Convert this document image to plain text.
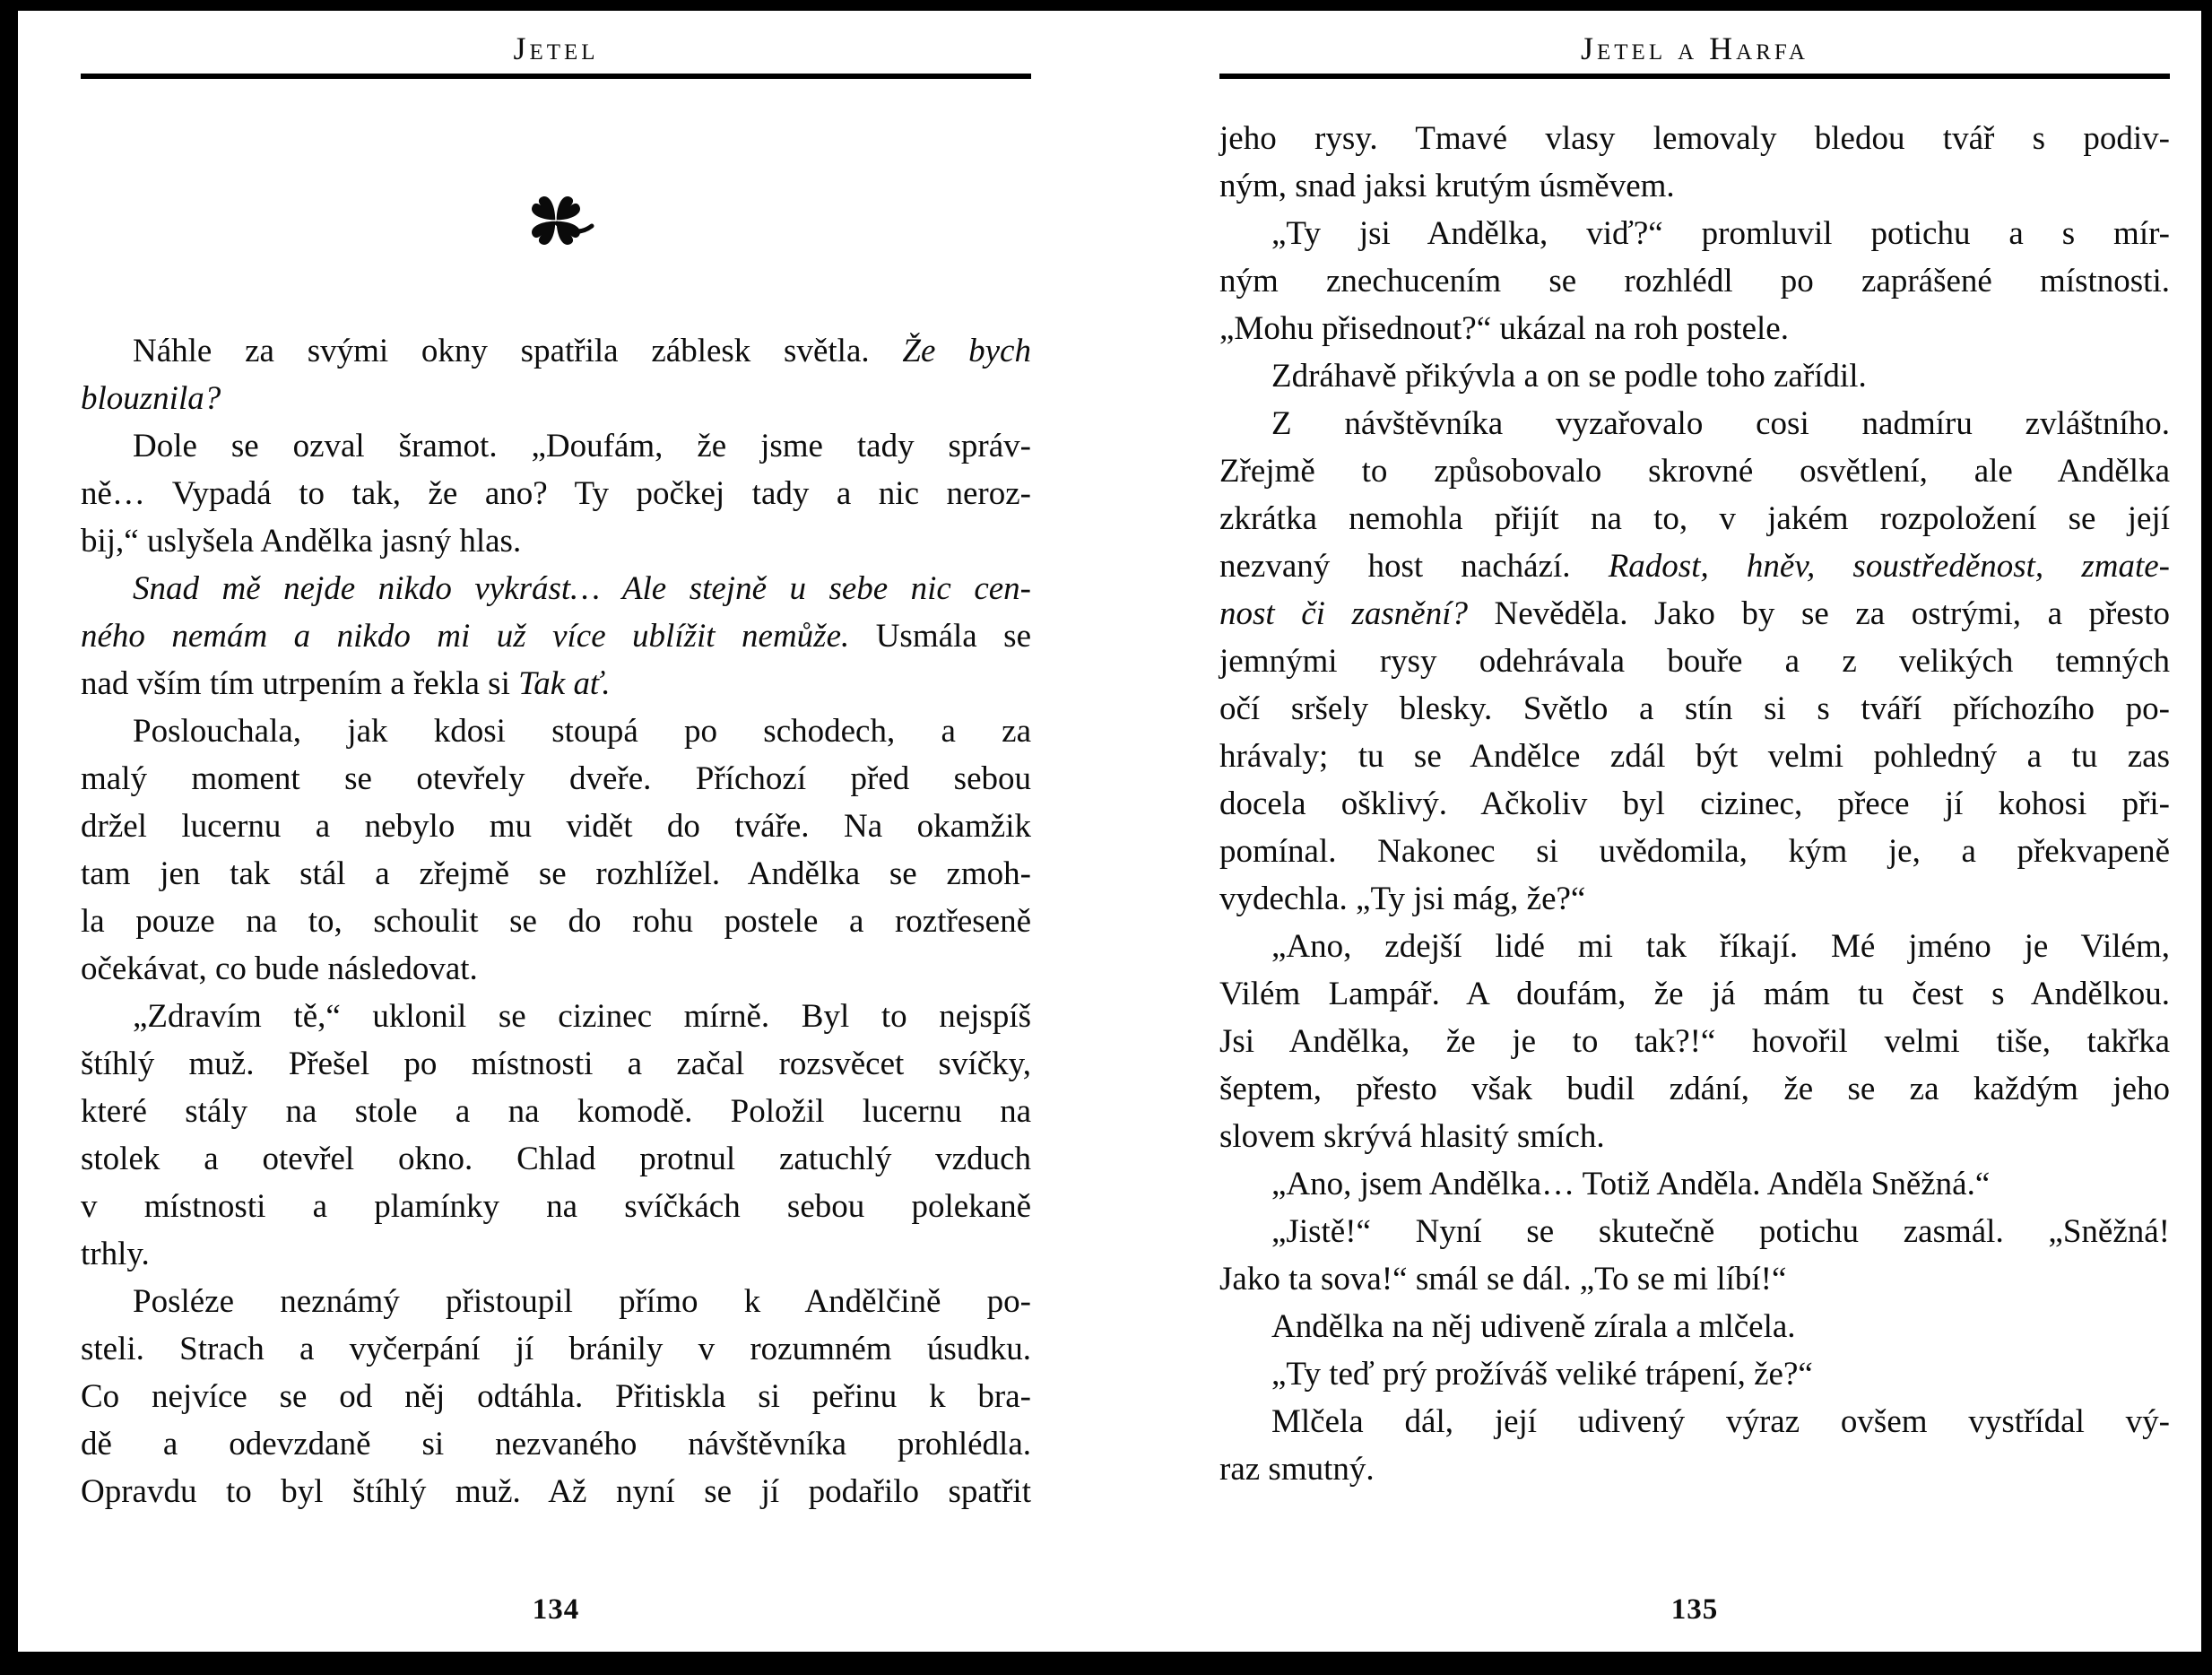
Jetel
Náhle za svými okny spatřila záblesk světla. Že bych
blouznila?
Dole se ozval šramot. „Doufám, že jsme tady správ-
ně… Vypadá to tak, že ano? Ty počkej tady a nic neroz-
bij,“ uslyšela Andělka jasný hlas.
Snad mě nejde nikdo vykrást… Ale stejně u sebe nic cen-
ného nemám a nikdo mi už více ublížit nemůže. Usmála se
nad vším tím utrpením a řekla si Tak ať.
Poslouchala, jak kdosi stoupá po schodech, a za
malý moment se otevřely dveře. Příchozí před sebou
držel lucernu a nebylo mu vidět do tváře. Na okamžik
tam jen tak stál a zřejmě se rozhlížel. Andělka se zmoh-
la pouze na to, schoulit se do rohu postele a roztřeseně
očekávat, co bude následovat.
„Zdravím tě,“ uklonil se cizinec mírně. Byl to nejspíš
štíhlý muž. Přešel po místnosti a začal rozsvěcet svíčky,
které stály na stole a na komodě. Položil lucernu na
stolek a otevřel okno. Chlad protnul zatuchlý vzduch
v místnosti a plamínky na svíčkách sebou polekaně
trhly.
Posléze neznámý přistoupil přímo k Andělčině po-
steli. Strach a vyčerpání jí bránily v rozumném úsudku.
Co nejvíce se od něj odtáhla. Přitiskla si peřinu k bra-
dě a odevzdaně si nezvaného návštěvníka prohlédla.
Opravdu to byl štíhlý muž. Až nyní se jí podařilo spatřit
134
Jetel a Harfa
jeho rysy. Tmavé vlasy lemovaly bledou tvář s podiv-
ným, snad jaksi krutým úsměvem.
„Ty jsi Andělka, viď?“ promluvil potichu a s mír-
ným znechucením se rozhlédl po zaprášené místnosti.
„Mohu přisednout?“ ukázal na roh postele.
Zdráhavě přikývla a on se podle toho zařídil.
Z návštěvníka vyzařovalo cosi nadmíru zvláštního.
Zřejmě to způsobovalo skrovné osvětlení, ale Andělka
zkrátka nemohla přijít na to, v jakém rozpoložení se její
nezvaný host nachází. Radost, hněv, soustředěnost, zmate-
nost či zasnění? Nevěděla. Jako by se za ostrými, a přesto
jemnými rysy odehrávala bouře a z velikých temných
očí sršely blesky. Světlo a stín si s tváří příchozího po-
hrávaly; tu se Andělce zdál být velmi pohledný a tu zas
docela ošklivý. Ačkoliv byl cizinec, přece jí kohosi při-
pomínal. Nakonec si uvědomila, kým je, a překvapeně
vydechla. „Ty jsi mág, že?“
„Ano, zdejší lidé mi tak říkají. Mé jméno je Vilém,
Vilém Lampář. A doufám, že já mám tu čest s Andělkou.
Jsi Andělka, že je to tak?!“ hovořil velmi tiše, takřka
šeptem, přesto však budil zdání, že se za každým jeho
slovem skrývá hlasitý smích.
„Ano, jsem Andělka… Totiž Anděla. Anděla Sněžná.“
„Jistě!“ Nyní se skutečně potichu zasmál. „Sněžná!
Jako ta sova!“ smál se dál. „To se mi líbí!“
Andělka na něj udiveně zírala a mlčela.
„Ty teď prý prožíváš veliké trápení, že?“
Mlčela dál, její udivený výraz ovšem vystřídal vý-
raz smutný.
135
